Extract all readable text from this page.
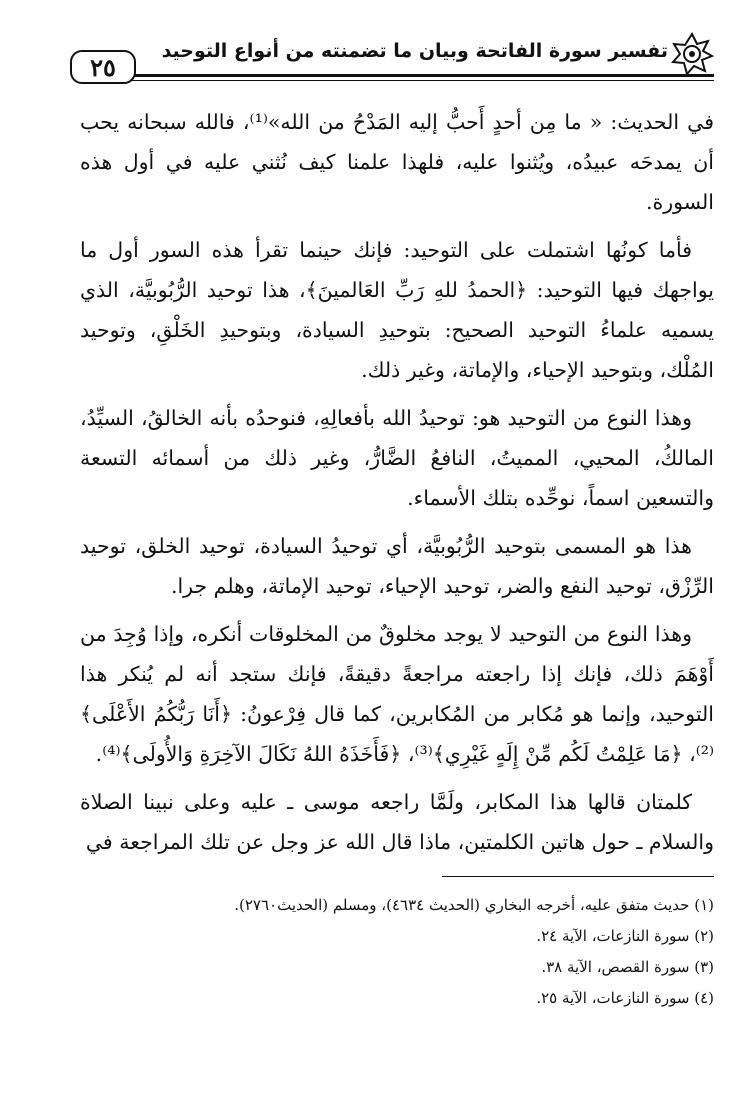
تفسير سورة الفاتحة وبيان ما تضمنته من أنواع التوحيد
٢٥

في الحديث: « ما مِن أحدٍ أَحبُّ إليه المَدْحُ من الله»⁽¹⁾، فالله سبحانه يحب أن يمدحَه عبيدُه، ويُثنوا عليه، فلهذا علمنا كيف نُثني عليه في أول هذه السورة.

فأما كونُها اشتملت على التوحيد: فإنك حينما تقرأ هذه السور أول ما يواجهك فيها التوحيد: ﴿الحمدُ للهِ رَبِّ العَالمينَ﴾، هذا توحيد الرُّبُوبيَّة، الذي يسميه علماءُ التوحيد الصحيح: بتوحيدِ السيادة، وبتوحيدِ الخَلْقِ، وتوحيد المُلْك، وبتوحيد الإحياء، والإماتة، وغير ذلك.

وهذا النوع من التوحيد هو: توحيدُ الله بأفعالِهِ، فنوحدُه بأنه الخالقُ، السيِّدُ، المالكُ، المحيي، المميتُ، النافعُ الضَّارُّ، وغير ذلك من أسمائه التسعة والتسعين اسماً، نوحِّده بتلك الأسماء.

هذا هو المسمى بتوحيد الرُّبُوبيَّة، أي توحيدُ السيادة، توحيد الخلق، توحيد الرِّزْق، توحيد النفع والضر، توحيد الإحياء، توحيد الإماتة، وهلم جرا.

وهذا النوع من التوحيد لا يوجد مخلوقٌ من المخلوقات أنكره، وإذا وُجِدَ من أَوْهَمَ ذلك، فإنك إذا راجعته مراجعةً دقيقةً، فإنك ستجد أنه لم يُنكر هذا التوحيد، وإنما هو مُكابر من المُكابرين، كما قال فِرْعونُ: ﴿أَنَا رَبُّكُمُ الأَعْلَى﴾⁽²⁾، ﴿مَا عَلِمْتُ لَكُم مِّنْ إِلَهٍ غَيْرِي﴾⁽³⁾، ﴿فَأَخَذَهُ اللهُ نَكَالَ الآخِرَةِ وَالأُولَى﴾⁽⁴⁾.

كلمتان قالها هذا المكابر، ولَمَّا راجعه موسى ـ عليه وعلى نبينا الصلاة والسلام ـ حول هاتين الكلمتين، ماذا قال الله عز وجل عن تلك المراجعة في

(١) حديث متفق عليه، أخرجه البخاري (الحديث ٤٦٣٤)، ومسلم (الحديث٢٧٦٠).
(٢) سورة النازعات، الآية ٢٤.
(٣) سورة القصص، الآية ٣٨.
(٤) سورة النازعات، الآية ٢٥.
